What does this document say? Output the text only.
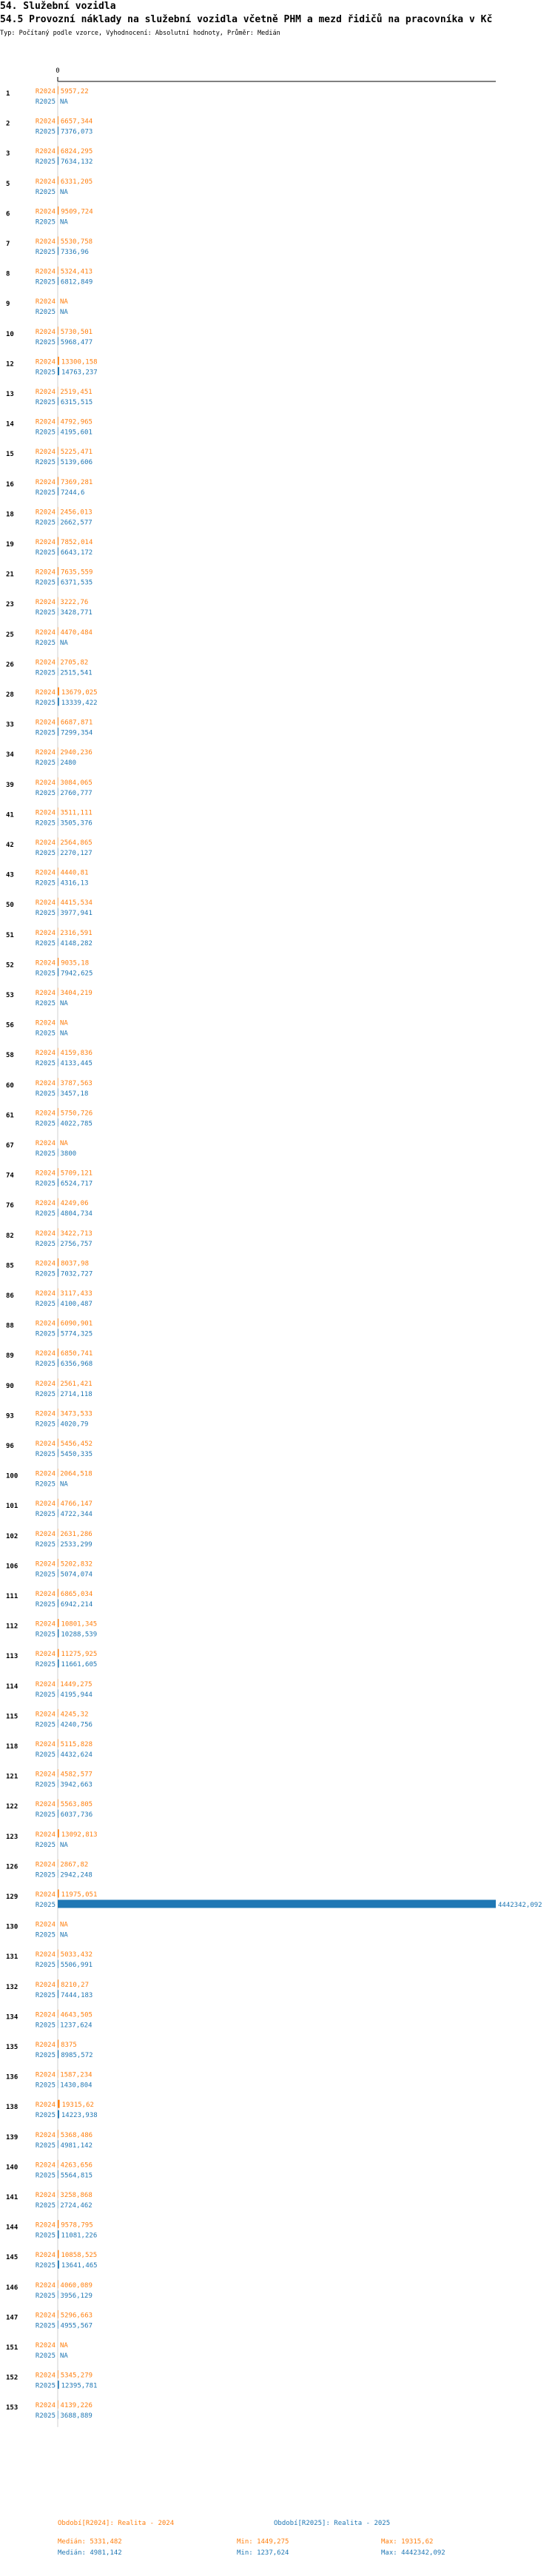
54. Služební vozidla
54.5 Provozní náklady na služební vozidla včetně PHM a mezd řidičů na pracovníka v Kč
Typ: Počítaný podle vzorce, Vyhodnocení: Absolutní hodnoty, Průměr: Medián
0
1	R2024 5957,22
R2025 NA
2	R2024 6657,344
R2025 7376,073
3	R2024 6824,295
R2025 7634,132
5	R2024 6331,205
R2025 NA
6	R2024 9509,724
R2025 NA
7	R2024 5530,758
R2025 7336,96
8	R2024 5324,413
R2025 6812,849
9	R2024 NA
R2025 NA
10	R2024 5730,501
R2025 5968,477
12	R2024 13300,158
R2025 14763,237
13	R2024 2519,451
R2025 6315,515
14	R2024 4792,965
R2025 4195,601
15	R2024 5225,471
R2025 5139,606
16	R2024 7369,281
R2025 7244,6
18	R2024 2456,013
R2025 2662,577
19	R2024 7852,014
R2025 6643,172
21	R2024 7635,559
R2025 6371,535
23	R2024 3222,76
R2025 3428,771
25	R2024 4470,484
R2025 NA
26	R2024 2705,82
R2025 2515,541
28	R2024 13679,025
R2025 13339,422
33	R2024 6687,871
R2025 7299,354
34	R2024 2940,236
R2025 2480
39	R2024 3084,065
R2025 2760,777
41	R2024 3511,111
R2025 3505,376
42	R2024 2564,865
R2025 2270,127
43	R2024 4440,81
R2025 4316,13
50	R2024 4415,534
R2025 3977,941
51	R2024 2316,591
R2025 4148,282
52	R2024 9035,18
R2025 7942,625
53	R2024 3404,219
R2025 NA
56	R2024 NA
R2025 NA
58	R2024 4159,836
R2025 4133,445
60	R2024 3787,563
R2025 3457,18
61	R2024 5750,726
R2025 4022,785
67	R2024 NA
R2025 3800
74	R2024 5709,121
R2025 6524,717
76	R2024 4249,06
R2025 4804,734
82	R2024 3422,713
R2025 2756,757
85	R2024 8037,98
R2025 7032,727
86	R2024 3117,433
R2025 4100,487
88	R2024 6090,901
R2025 5774,325
89	R2024 6850,741
R2025 6356,968
90	R2024 2561,421
R2025 2714,118
93	R2024 3473,533
R2025 4020,79
96	R2024 5456,452
R2025 5450,335
100	R2024 2064,518
R2025 NA
101	R2024 4766,147
R2025 4722,344
102	R2024 2631,286
R2025 2533,299
106	R2024 5202,832
R2025 5074,074
111	R2024 6865,034
R2025 6942,214
112	R2024 10801,345
R2025 10288,539
113	R2024 11275,925
R2025 11661,605
114	R2024 1449,275
R2025 4195,944
115	R2024 4245,32
R2025 4240,756
118	R2024 5115,828
R2025 4432,624
121	R2024 4582,577
R2025 3942,663
122	R2024 5563,805
R2025 6037,736
123	R2024 13092,813
R2025 NA
126	R2024 2867,82
R2025 2942,248
129	R2024 11975,051
R2025	4442342,092
130	R2024 NA
R2025 NA
131	R2024 5033,432
R2025 5506,991
132	R2024 8210,27
R2025 7444,183
134	R2024 4643,505
R2025 1237,624
135	R2024 8375
R2025 8985,572
136	R2024 1587,234
R2025 1430,804
138	R2024 19315,62
R2025 14223,938
139	R2024 5368,486
R2025 4981,142
140	R2024 4263,656
R2025 5564,815
141	R2024 3258,868
R2025 2724,462
144	R2024 9578,795
R2025 11081,226
145	R2024 10858,525
R2025 13641,465
146	R2024 4060,089
R2025 3956,129
147	R2024 5296,663
R2025 4955,567
151	R2024 NA
R2025 NA
152	R2024 5345,279
R2025 12395,781
153	R2024 4139,226
R2025 3688,889
Období[R2024]: Realita - 2024	Období[R2025]: Realita - 2025
Medián: 5331,482	Min: 1449,275	Max: 19315,62
Medián: 4981,142	Min: 1237,624	Max: 4442342,092
